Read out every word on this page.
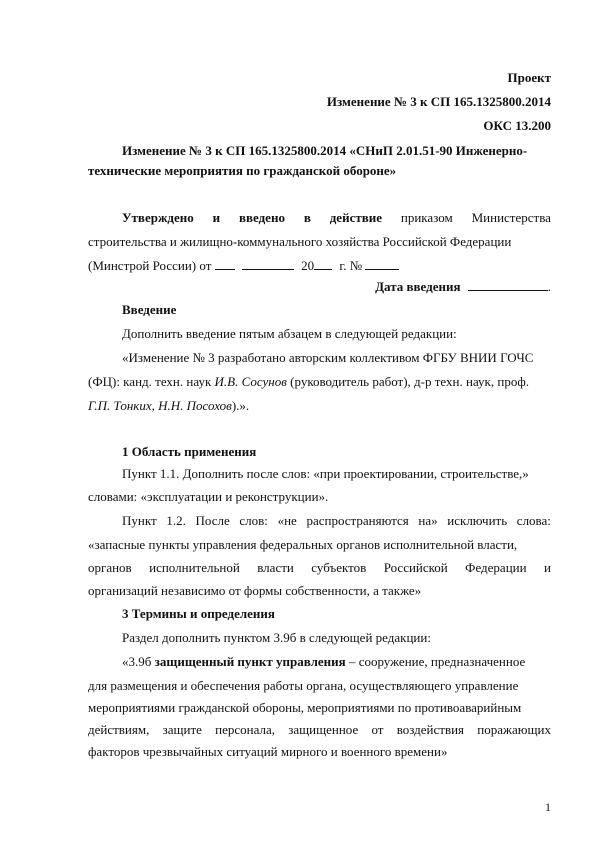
Проект
Изменение № 3 к СП 165.1325800.2014
ОКС 13.200
Изменение № 3 к СП 165.1325800.2014 «СНиП 2.01.51-90 Инженерно-
технические мероприятия по гражданской обороне»
Утверждено и введено в действие приказом Министерства
строительства и жилищно-коммунального хозяйства Российской Федерации
(Минстрой России) от	20 г. №
Дата введения	.
Введение
Дополнить введение пятым абзацем в следующей редакции:
«Изменение № 3 разработано авторским коллективом ФГБУ ВНИИ ГОЧС
(ФЦ): канд. техн. наук И.В. Сосунов (руководитель работ), д-р техн. наук, проф.
Г.П. Тонких, Н.Н. Посохов).».
1 Область применения
Пункт 1.1. Дополнить после слов: «при проектировании, строительстве,»
словами: «эксплуатации и реконструкции».
Пункт 1.2. После слов: «не распространяются на» исключить слова:
«запасные пункты управления федеральных органов исполнительной власти,
органов исполнительной власти субъектов Российской Федерации и
организаций независимо от формы собственности, а также»
3 Термины и определения
Раздел дополнить пунктом 3.9б в следующей редакции:
«3.9б защищенный пункт управления – сооружение, предназначенное
для размещения и обеспечения работы органа, осуществляющего управление
мероприятиями гражданской обороны, мероприятиями по противоаварийным
действиям, защите персонала, защищенное от воздействия поражающих
факторов чрезвычайных ситуаций мирного и военного времени»
1
